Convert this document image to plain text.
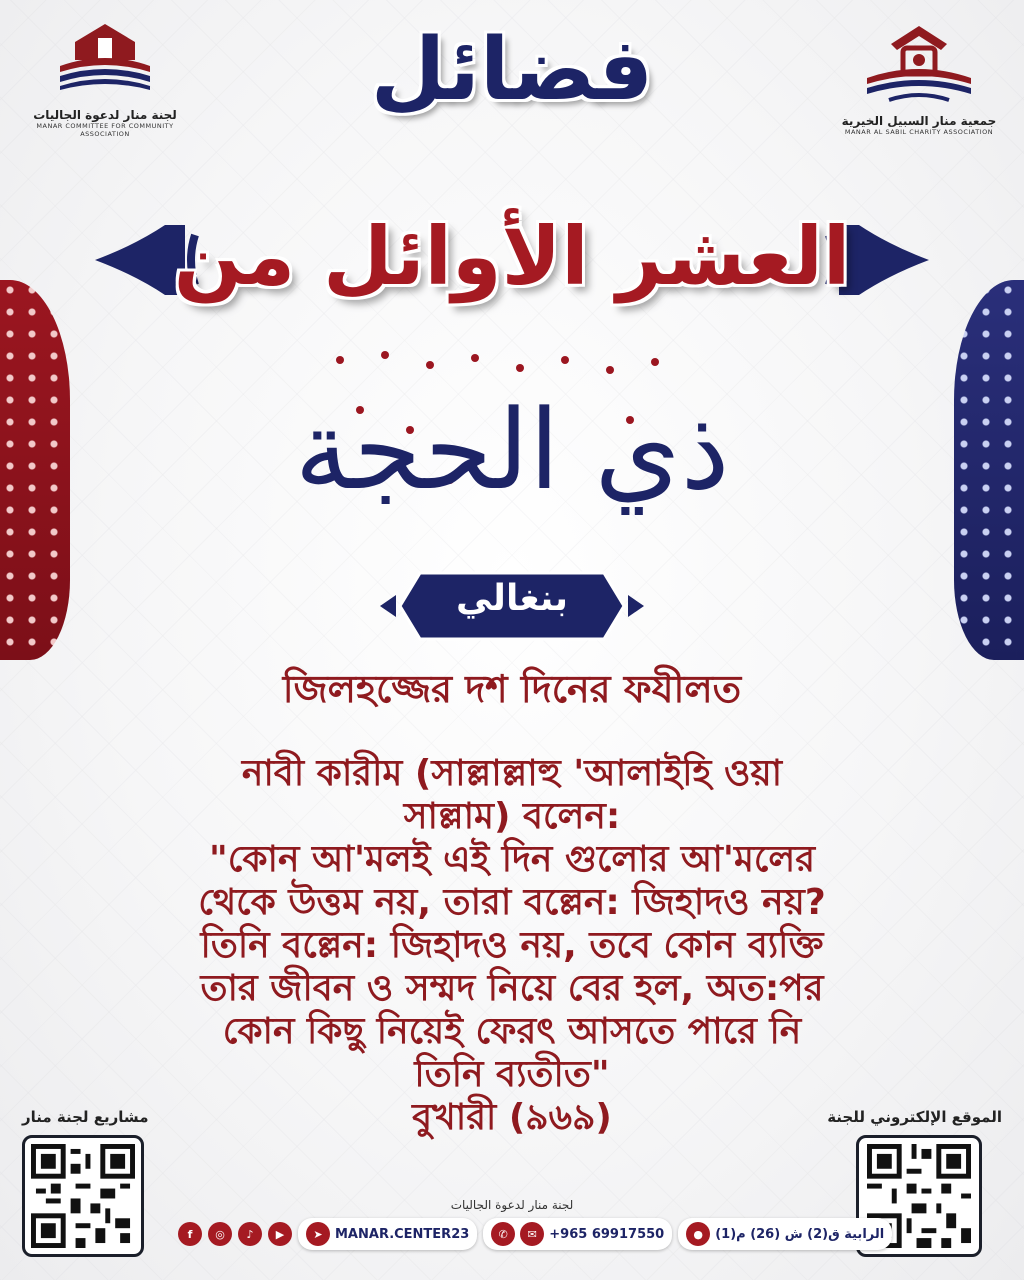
لجنة منار لدعوة الجاليات
MANAR COMMITTEE FOR COMMUNITY ASSOCIATION
جمعية منار السبيل الخيرية
MANAR AL SABIL CHARITY ASSOCIATION
فضائل
العشر الأوائل من
ذي الحجة
بنغالي
জিলহজ্জের দশ দিনের ফযীলত
নাবী কারীম (সাল্লাল্লাহু 'আলাইহি ওয়া
সাল্লাম) বলেন:
"কোন আ'মলই এই দিন গুলোর আ'মলের
থেকে উত্তম নয়, তারা বল্লেন: জিহাদও নয়?
তিনি বল্লেন: জিহাদও নয়, তবে কোন ব্যক্তি
তার জীবন ও সম্মদ নিয়ে বের হল, অত:পর
কোন কিছু নিয়েই ফেরৎ আসতে পারে নি
তিনি ব্যতীত"
বুখারী (৯৬৯)
مشاريع لجنة منار	الموقع الإلكتروني للجنة
لجنة منار لدعوة الجاليات
f	◎	♪	▶	➤ MANAR.CENTER23	✆	✉ +965 69917550	● الرابية ق(2) ش (26) م(1)
